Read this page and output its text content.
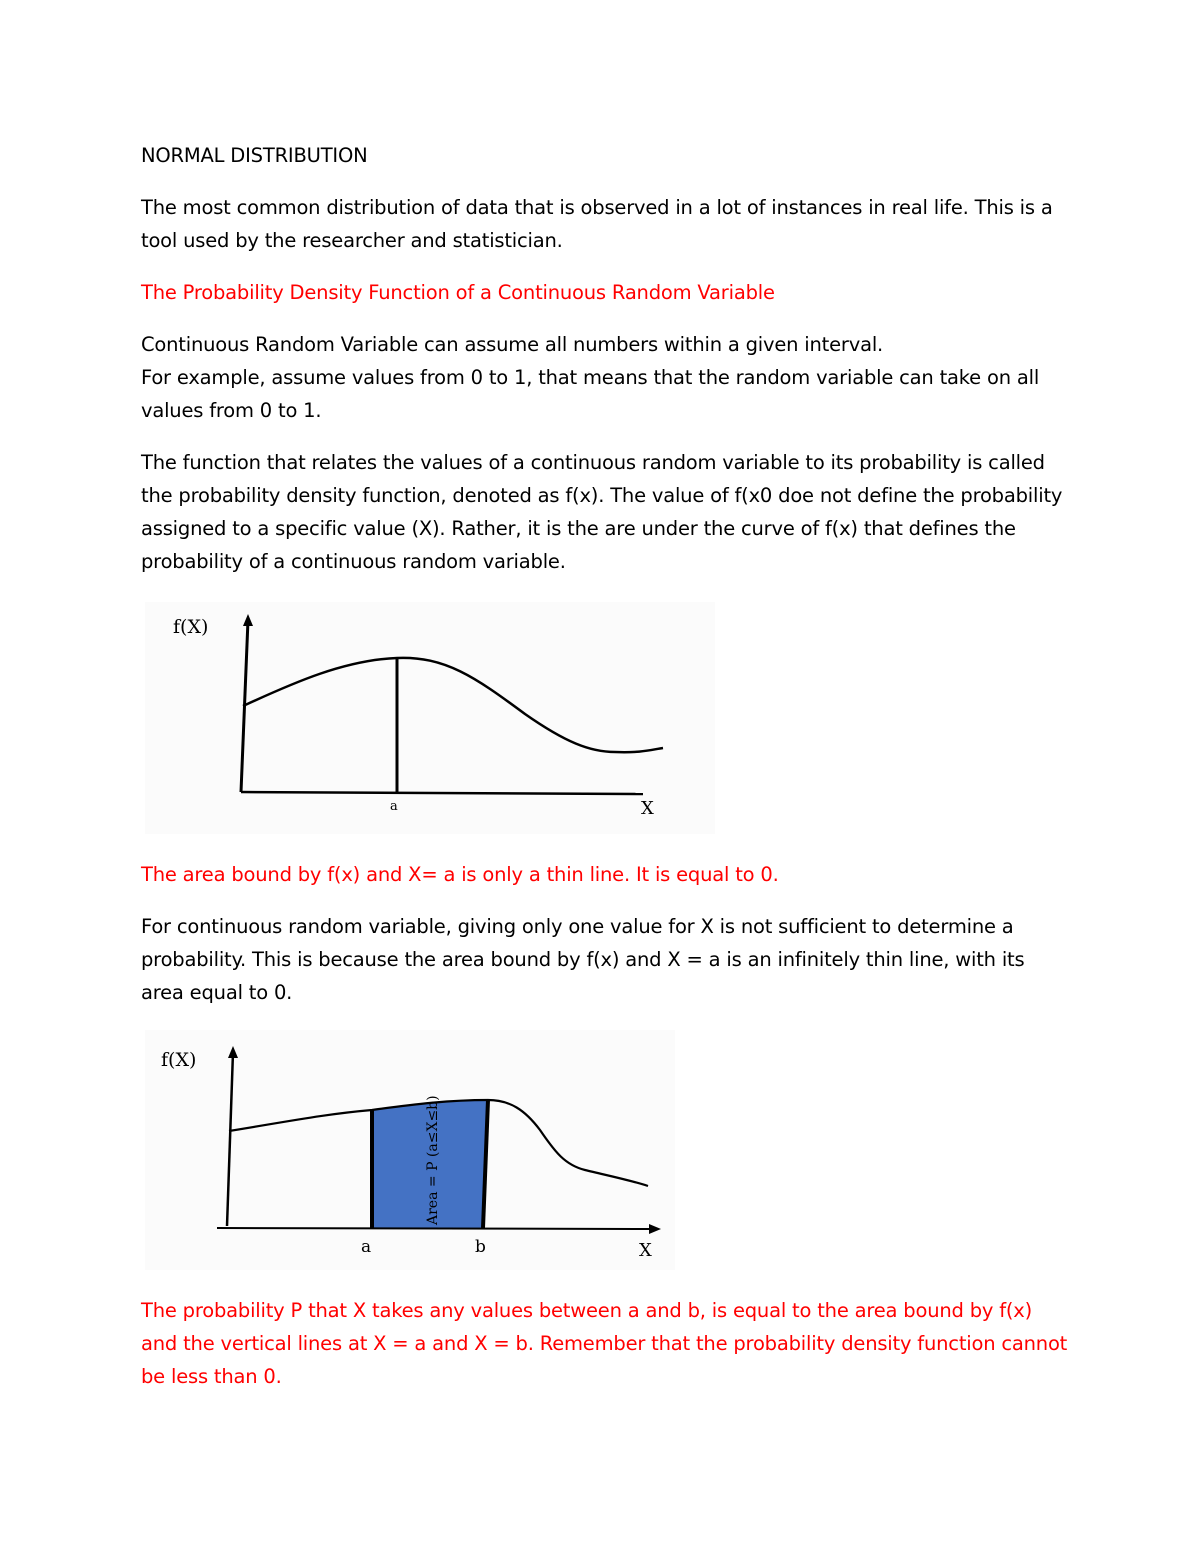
NORMAL DISTRIBUTION

The most common distribution of data that is observed in a lot of instances in real life. This is a tool used by the researcher and statistician.

The Probability Density Function of a Continuous Random Variable

Continuous Random Variable can assume all numbers within a given interval.

For example, assume values from 0 to 1, that means that the random variable can take on all values from 0 to 1.

The function that relates the values of a continuous random variable to its probability is called the probability density function, denoted as f(x). The value of f(x0 doe not define the probability assigned to a specific value (X). Rather, it is the are under the curve of f(x) that defines the probability of a continuous random variable.

f(X)
a	X

The area bound by f(x) and X= a is only a thin line. It is equal to 0.

For continuous random variable, giving only one value for X is not sufficient to determine a probability. This is because the area bound by f(x) and X = a is an infinitely thin line, with its area equal to 0.

f(X)
Area = P (a≤X≤b)
a	b	X

The probability P that X takes any values between a and b, is equal to the area bound by f(x) and the vertical lines at X = a and X = b. Remember that the probability density function cannot be less than 0.
